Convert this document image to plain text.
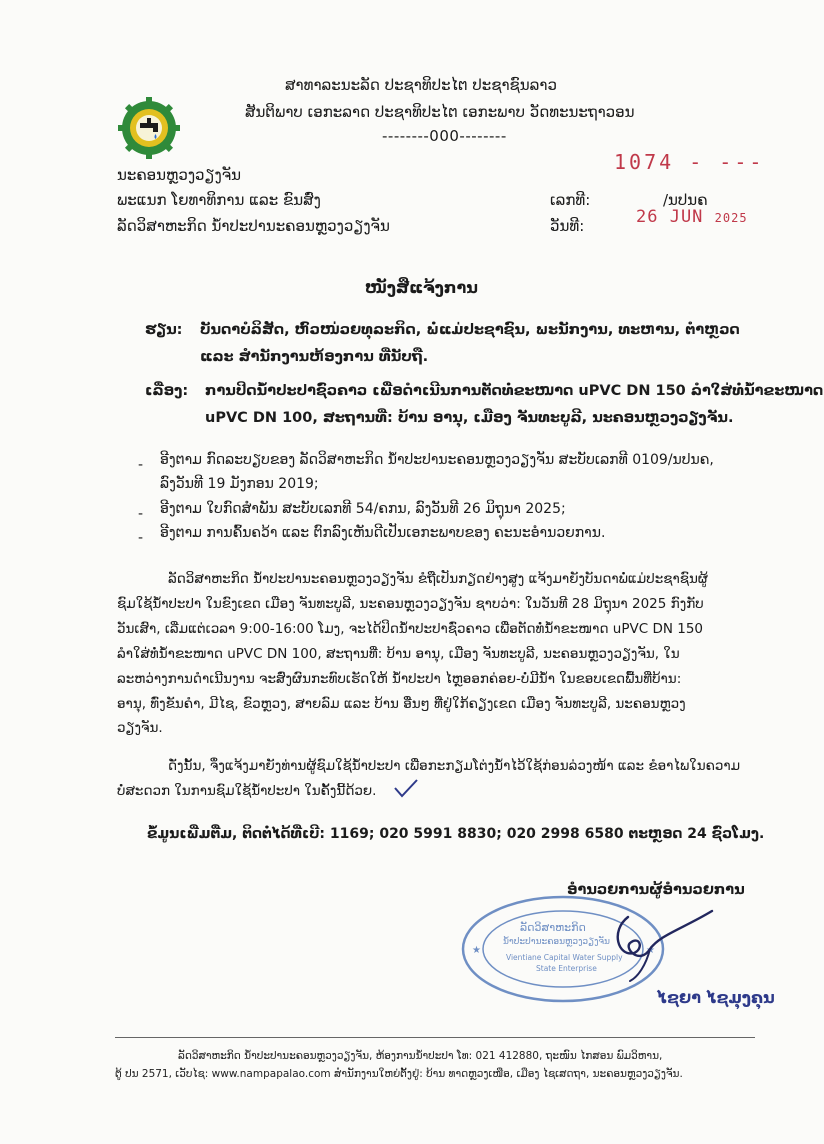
ສາທາລະນະລັດ ປະຊາທິປະໄຕ ປະຊາຊົນລາວ
ສັນຕິພາບ ເອກະລາດ ປະຊາທິປະໄຕ ເອກະພາບ ວັດທະນະຖາວອນ
--------000--------
ນະຄອນຫຼວງວຽງຈັນ
ພະແນກ ໂຍທາທິການ ແລະ ຂົນສົ່ງ
ລັດວິສາຫະກິດ ນ້ຳປະປານະຄອນຫຼວງວຽງຈັນ
1074 - ---
ເລກທີ:	/ນປນຄ
ວັນທີ:	26 JUN 2025
ໜັງສືແຈ້ງການ
ຮຽນ: ບັນດາບໍລິສັດ, ຫົວໜ່ວຍທຸລະກິດ, ພໍ່ແມ່ປະຊາຊົນ, ພະນັກງານ, ທະຫານ, ຕຳຫຼວດ
ແລະ ສຳນັກງານຫ້ອງການ ທີ່ນັບຖື.
ເລື່ອງ: ການປິດນ້ຳປະປາຊົ່ວຄາວ ເພື່ອດຳເນີນການຕັດທໍ່ຂະໜາດ uPVC DN 150 ລຳໃສ່ທໍ່ນ້ຳຂະໜາດ
uPVC DN 100, ສະຖານທີ່: ບ້ານ ອານຸ, ເມືອງ ຈັນທະບູລີ, ນະຄອນຫຼວງວຽງຈັນ.
- ອີງຕາມ ກົດລະບຽບຂອງ ລັດວິສາຫະກິດ ນ້ຳປະປານະຄອນຫຼວງວຽງຈັນ ສະບັບເລກທີ 0109/ນປນຄ,
ລົງວັນທີ 19 ມັງກອນ 2019;
- ອີງຕາມ ໃບກົດສຳພັນ ສະບັບເລກທີ 54/ຄກນ, ລົງວັນທີ 26 ມິຖຸນາ 2025;
- ອີງຕາມ ການຄົ້ນຄວ້າ ແລະ ຕົກລົງເຫັນດີເປັນເອກະພາບຂອງ ຄະນະອຳນວຍການ.
ລັດວິສາຫະກິດ ນ້ຳປະປານະຄອນຫຼວງວຽງຈັນ ຂໍຖືເປັນກຽດຢ່າງສູງ ແຈ້ງມາຍັງບັນດາພໍ່ແມ່ປະຊາຊົນຜູ້
ຊົມໃຊ້ນ້ຳປະປາ ໃນຂົງເຂດ ເມືອງ ຈັນທະບູລີ, ນະຄອນຫຼວງວຽງຈັນ ຊາບວ່າ: ໃນວັນທີ 28 ມິຖຸນາ 2025 ກົງກັບ
ວັນເສົາ, ເລີ່ມແຕ່ເວລາ 9:00-16:00 ໂມງ, ຈະໄດ້ປິດນ້ຳປະປາຊົ່ວຄາວ ເພື່ອຕັດທໍ່ນ້ຳຂະໜາດ uPVC DN 150
ລຳໃສ່ທໍ່ນ້ຳຂະໜາດ uPVC DN 100, ສະຖານທີ່: ບ້ານ ອານຸ, ເມືອງ ຈັນທະບູລີ, ນະຄອນຫຼວງວຽງຈັນ, ໃນ
ລະຫວ່າງການດຳເນີນງານ ຈະສົ່ງຜົນກະທົບເຮັດໃຫ້ ນ້ຳປະປາ ໄຫຼອອກຄ່ອຍ-ບໍ່ມີນ້ຳ ໃນຂອບເຂດພື້ນທີ່ບ້ານ:
ອານຸ, ທົ່ງຂັນຄຳ, ມີໄຊ, ຂົວຫຼວງ, ສາຍລົມ ແລະ ບ້ານ ອື່ນໆ ທີ່ຢູ່ໃກ້ຄຽງເຂດ ເມືອງ ຈັນທະບູລີ, ນະຄອນຫຼວງ
ວຽງຈັນ.
ດັ່ງນັ້ນ, ຈຶ່ງແຈ້ງມາຍັງທ່ານຜູ້ຊົມໃຊ້ນ້ຳປະປາ ເພື່ອກະກຽມໂຕ່ງນ້ຳໄວ້ໃຊ້ກ່ອນລ່ວງໜ້າ ແລະ ຂໍອາໄພໃນຄວາມ
ບໍ່ສະດວກ ໃນການຊົມໃຊ້ນ້ຳປະປາ ໃນຄັ້ງນີ້ດ້ວຍ.
ຂໍ້ມູນເພີ່ມຕື່ມ, ຕິດຕໍ່ໄດ້ທີ່ເບີ: 1169; 020 5991 8830; 020 2998 6580 ຕະຫຼອດ 24 ຊົ່ວໂມງ.
ອຳນວຍການຜູ້ອຳນວຍການ
★	★
ລັດວິສາຫະກິດ
ນ້ຳປະປານະຄອນຫຼວງວຽງຈັນ
Vientiane Capital Water Supply
State Enterprise
ໄຊຍາ ໄຊມຸງຄຸນ
ລັດວິສາຫະກິດ ນ້ຳປະປານະຄອນຫຼວງວຽງຈັນ, ຫ້ອງການນ້ຳປະປາ ໂທ: 021 412880, ຖະໜົນ ໄກສອນ ພົມວິຫານ,
ຕູ້ ປນ 2571, ເວັບໄຊ: www.nampapalao.com ສຳນັກງານໃຫຍ່ຕັ້ງຢູ່: ບ້ານ ທາດຫຼວງເໜືອ, ເມືອງ ໄຊເສດຖາ, ນະຄອນຫຼວງວຽງຈັນ.
